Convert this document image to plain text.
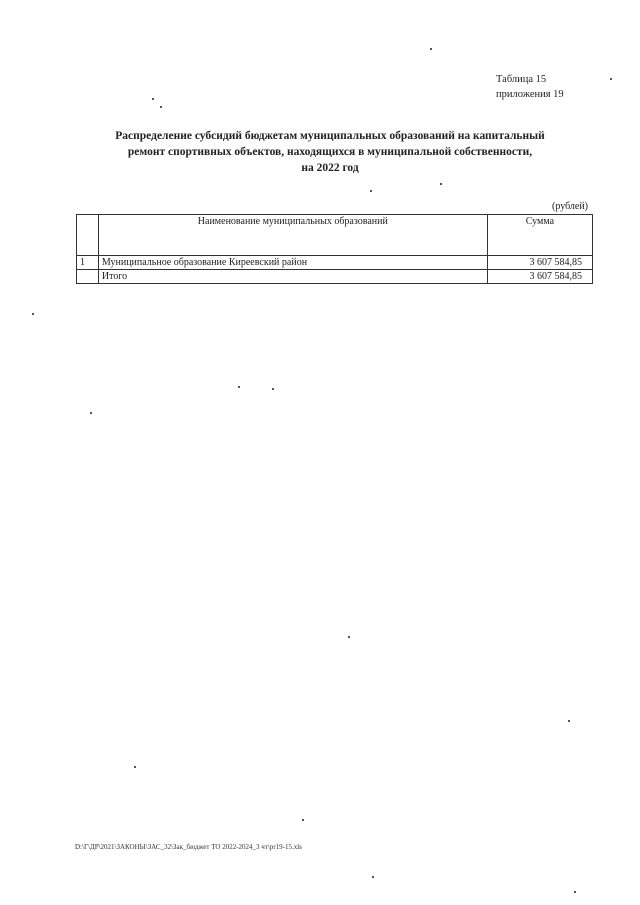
Таблица 15
приложения 19
Распределение субсидий бюджетам муниципальных образований на капитальный
ремонт спортивных объектов, находящихся в муниципальной собственности,
на 2022 год
(рублей)
	Наименование муниципальных образований	Сумма
1	Муниципальное образование Киреевский район	3 607 584,85
	Итого	3 607 584,85
D:\Г\ДР\2021\ЗАКОНЫ\ЗАС_32\Зак_бюджет ТО 2022-2024_3 чт\pr19-15.xls
